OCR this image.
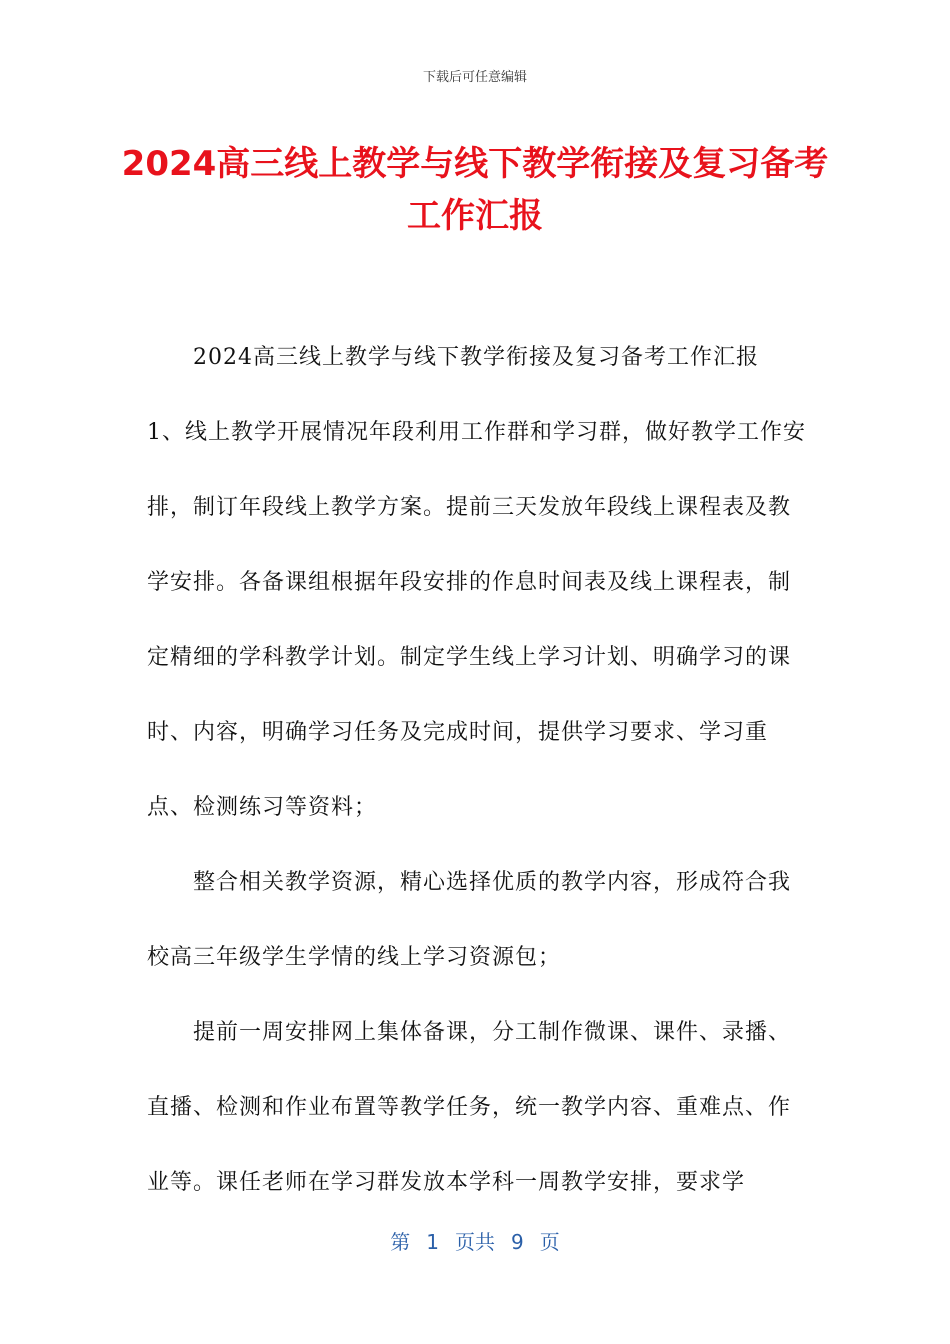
下载后可任意编辑
2024高三线上教学与线下教学衔接及复习备考工作汇报

2024高三线上教学与线下教学衔接及复习备考工作汇报

1、线上教学开展情况年段利用工作群和学习群，做好教学工作安排，制订年段线上教学方案。提前三天发放年段线上课程表及教学安排。各备课组根据年段安排的作息时间表及线上课程表，制定精细的学科教学计划。制定学生线上学习计划、明确学习的课时、内容，明确学习任务及完成时间，提供学习要求、学习重点、检测练习等资料；

整合相关教学资源，精心选择优质的教学内容，形成符合我校高三年级学生学情的线上学习资源包；

提前一周安排网上集体备课，分工制作微课、课件、录播、直播、检测和作业布置等教学任务，统一教学内容、重难点、作业等。课任老师在学习群发放本学科一周教学安排，要求学

第 1 页共 9 页
